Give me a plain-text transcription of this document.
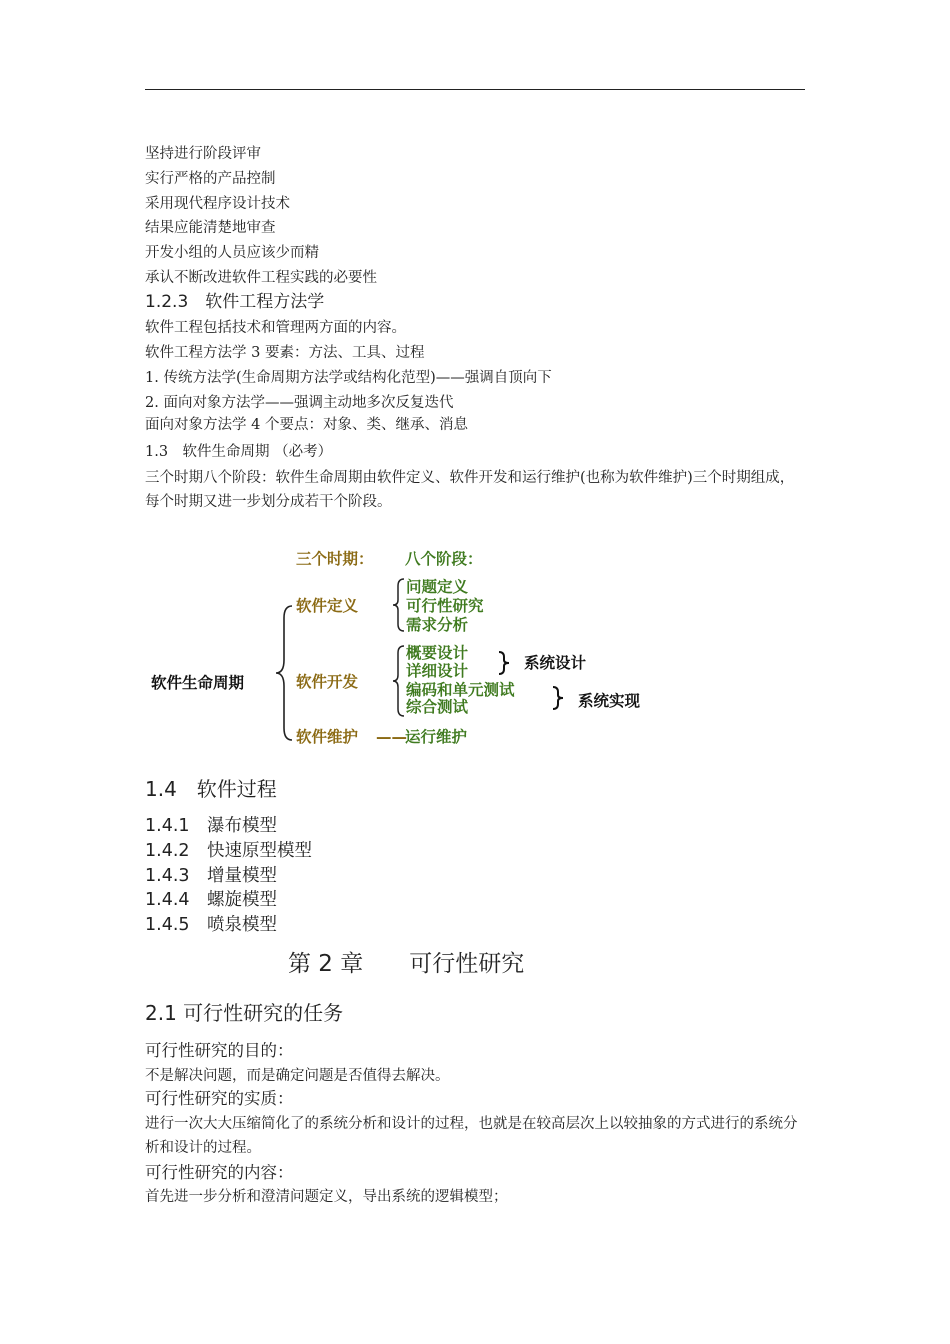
坚持进行阶段评审
实行严格的产品控制
采用现代程序设计技术
结果应能清楚地审查
开发小组的人员应该少而精
承认不断改进软件工程实践的必要性
1.2.3　软件工程方法学
软件工程包括技术和管理两方面的内容。
软件工程方法学 3 要素：方法、工具、过程
1. 传统方法学(生命周期方法学或结构化范型)——强调自顶向下
2. 面向对象方法学——强调主动地多次反复迭代
面向对象方法学 4 个要点：对象、类、继承、消息
1.3　软件生命周期 （必考）
三个时期八个阶段：软件生命周期由软件定义、软件开发和运行维护(也称为软件维护)三个时期组成，每个时期又进一步划分成若干个阶段。
三个时期： 八个阶段：
软件生命周期
软件定义
软件开发
软件维护 ——
运行维护
问题定义
可行性研究
需求分析
概要设计
详细设计
编码和单元测试
综合测试
系统设计
系统实现
1.4　软件过程
1.4.1　瀑布模型
1.4.2　快速原型模型
1.4.3　增量模型
1.4.4　螺旋模型
1.4.5　喷泉模型
第 2 章　　可行性研究
2.1 可行性研究的任务
可行性研究的目的：
不是解决问题，而是确定问题是否值得去解决。
可行性研究的实质：
进行一次大大压缩简化了的系统分析和设计的过程，也就是在较高层次上以较抽象的方式进行的系统分析和设计的过程。
可行性研究的内容：
首先进一步分析和澄清问题定义，导出系统的逻辑模型；
